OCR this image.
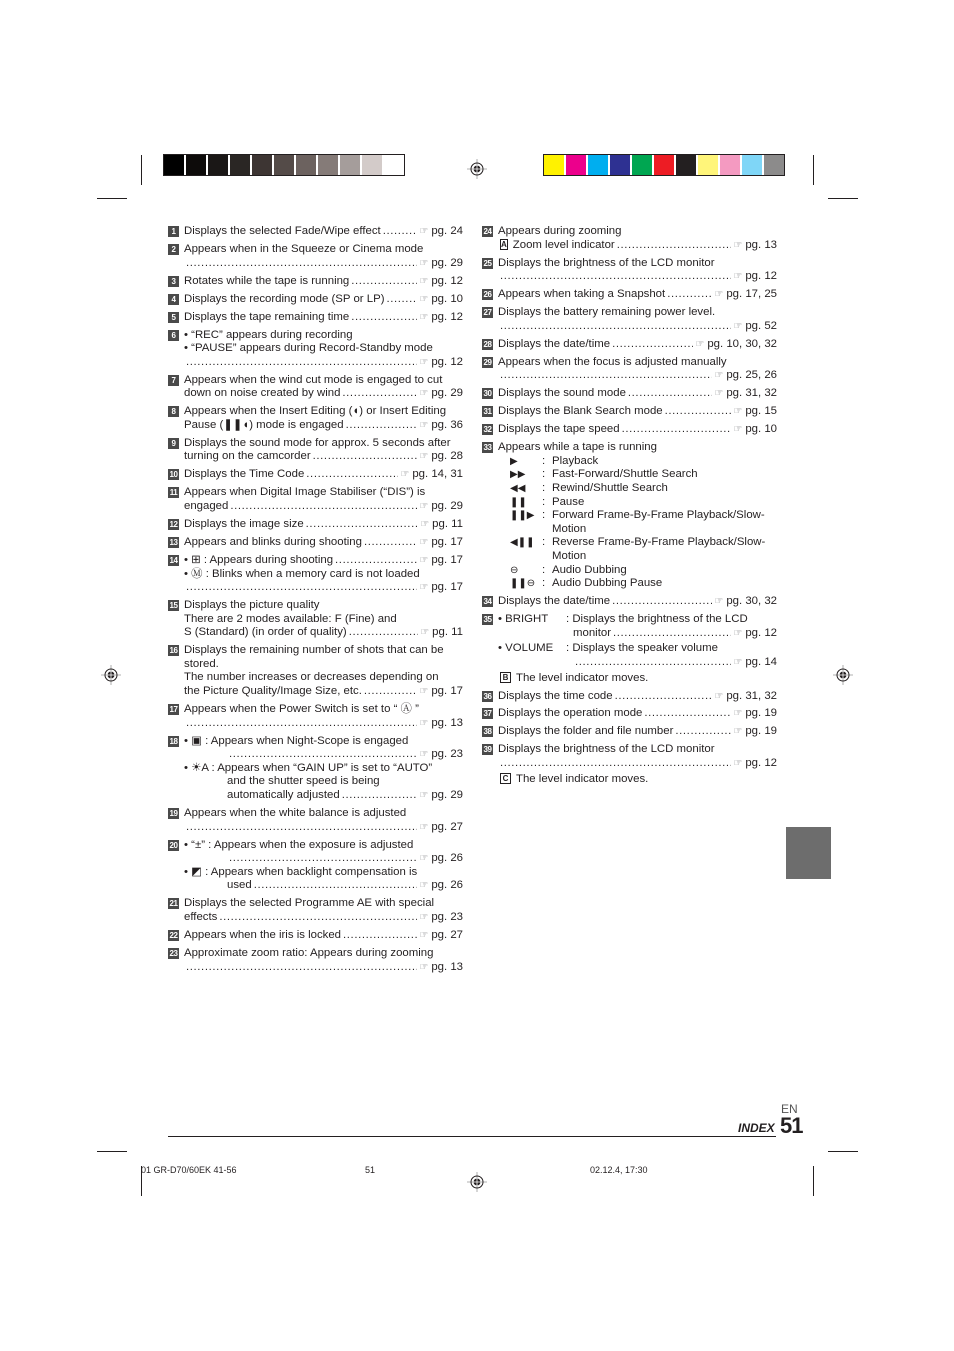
1 Displays the selected Fade/Wipe effect .....	☞ pg. 24
2 Appears when in the Squeeze or Cinema mode
.....
☞ pg. 29
3 Rotates while the tape is running .....	☞ pg. 12
4 Displays the recording mode (SP or LP) .....	☞ pg. 10
5 Displays the tape remaining time .....	☞ pg. 12
6 • “REC” appears during recording
• “PAUSE” appears during Record-Standby mode
.....
☞ pg. 12
7 Appears when the wind cut mode is engaged to cut
down on noise created by wind .....	☞ pg. 29
8 Appears when the Insert Editing (◖) or Insert Editing
Pause (❚❚◖) mode is engaged .....	☞ pg. 36
9 Displays the sound mode for approx. 5 seconds after
turning on the camcorder .....	☞ pg. 28
10 Displays the Time Code .....	☞ pg. 14, 31
11 Appears when Digital Image Stabiliser (“DIS”) is
engaged .....	☞ pg. 29
12 Displays the image size .....	☞ pg. 11
13 Appears and blinks during shooting .....	☞ pg. 17
14 • ⊞ : Appears during shooting .....	☞ pg. 17
• Ⓜ : Blinks when a memory card is not loaded
.....
☞ pg. 17
15 Displays the picture quality
There are 2 modes available: F (Fine) and
S (Standard) (in order of quality) .....	☞ pg. 11
16 Displays the remaining number of shots that can be
stored.
The number increases or decreases depending on
the Picture Quality/Image Size, etc. .....	☞ pg. 17
17 Appears when the Power Switch is set to “ Ⓐ ”
.....
☞ pg. 13
18 • ▣ : Appears when Night-Scope is engaged
.....
☞ pg. 23
• ☀A : Appears when “GAIN UP” is set to “AUTO”
and the shutter speed is being
automatically adjusted .....	☞ pg. 29
19 Appears when the white balance is adjusted
.....
☞ pg. 27
20 • “±” : Appears when the exposure is adjusted
.....
☞ pg. 26
• ◩ : Appears when backlight compensation is
used .....	☞ pg. 26
21 Displays the selected Programme AE with special
effects .....	☞ pg. 23
22 Appears when the iris is locked .....	☞ pg. 27
23 Approximate zoom ratio: Appears during zooming
.....
☞ pg. 13
24 Appears during zooming
A Zoom level indicator .....	☞ pg. 13
25 Displays the brightness of the LCD monitor
.....
☞ pg. 12
26 Appears when taking a Snapshot .....	☞ pg. 17, 25
27 Displays the battery remaining power level.
.....
☞ pg. 52
28 Displays the date/time .....	☞ pg. 10, 30, 32
29 Appears when the focus is adjusted manually
.....
☞ pg. 25, 26
30 Displays the sound mode .....	☞ pg. 31, 32
31 Displays the Blank Search mode .....	☞ pg. 15
32 Displays the tape speed .....	☞ pg. 10
33 Appears while a tape is running
▶	: Playback
▶▶	: Fast-Forward/Shuttle Search
◀◀	: Rewind/Shuttle Search
❚❚	: Pause
❚❚▶ : Forward Frame-By-Frame Playback/Slow-Motion
◀❚❚ : Reverse Frame-By-Frame Playback/Slow-Motion
⊖	: Audio Dubbing
❚❚⊖ : Audio Dubbing Pause
34 Displays the date/time .....	☞ pg. 30, 32
35 • BRIGHT	: Displays the brightness of the LCD
monitor .....	☞ pg. 12
• VOLUME	: Displays the speaker volume
.....
☞ pg. 14
B The level indicator moves.
36 Displays the time code .....	☞ pg. 31, 32
37 Displays the operation mode .....	☞ pg. 19
38 Displays the folder and file number .....	☞ pg. 19
39 Displays the brightness of the LCD monitor
.....
☞ pg. 12
C The level indicator moves.
EN
INDEX 51
01 GR-D70/60EK 41-56	51	02.12.4, 17:30
